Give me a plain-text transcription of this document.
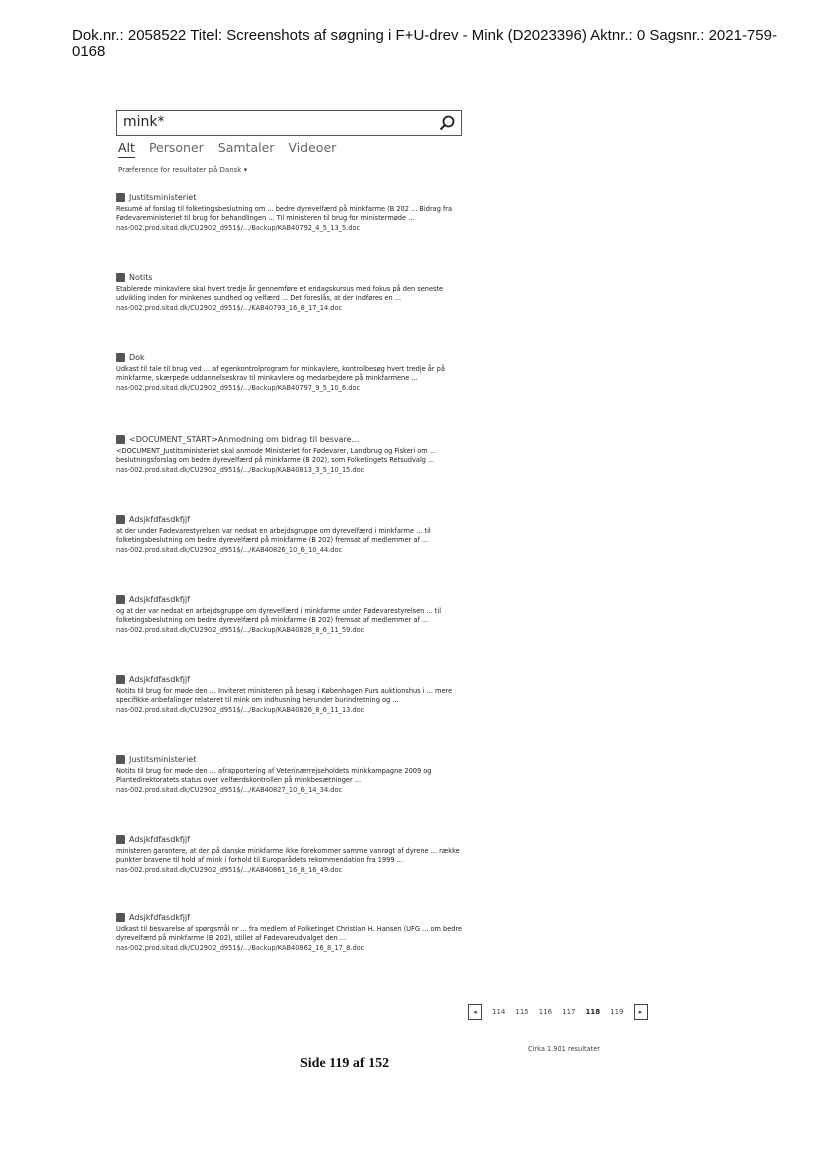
Dok.nr.: 2058522 Titel: Screenshots af søgning i F+U-drev - Mink (D2023396) Aktnr.: 0 Sagsnr.: 2021-759-0168
mink*
Alt Personer Samtaler Videoer
Præference for resultater på Dansk ▾
Justitsministeriet
Resumé af forslag til folketingsbeslutning om ... bedre dyrevelfærd på minkfarme (B 202 ... Bidrag fra Fødevareministeriet til brug for behandlingen ... Til ministeren til brug for ministermøde ...
nas-002.prod.sitad.dk/CU2902_d951$/.../Backup/KAB40792_4_5_13_5.doc
Notits
Etablerede minkavlere skal hvert tredje år gennemføre et endagskursus med fokus på den seneste udvikling inden for minkenes sundhed og velfærd ... Det foreslås, at der indføres en ...
nas-002.prod.sitad.dk/CU2902_d951$/.../KAB40793_16_8_17_14.doc
Dok
Udkast til tale til brug ved ... af egenkontrolprogram for minkavlere, kontrolbesøg hvert tredje år på minkfarme, skærpede uddannelseskrav til minkavlere og medarbejdere på minkfarmene ...
nas-002.prod.sitad.dk/CU2902_d951$/.../Backup/KAB40797_9_5_10_6.doc
<DOCUMENT_START>Anmodning om bidrag til besvare...
<DOCUMENT_Justitsministeriet skal anmode Ministeriet for Fødevarer, Landbrug og Fiskeri om ... beslutningsforslag om bedre dyrevelfærd på minkfarme (B 202), som Folketingets Retsudvalg ...
nas-002.prod.sitad.dk/CU2902_d951$/.../Backup/KAB40813_3_5_10_15.doc
Adsjkfdfasdkfjjf
at der under Fødevarestyrelsen var nedsat en arbejdsgruppe om dyrevelfærd i minkfarme ... til folketingsbeslutning om bedre dyrevelfærd på minkfarme (B 202) fremsat af medlemmer af ...
nas-002.prod.sitad.dk/CU2902_d951$/.../KAB40826_10_6_10_44.doc
Adsjkfdfasdkfjjf
og at der var nedsat en arbejdsgruppe om dyrevelfærd i minkfarme under Fødevarestyrelsen ... til folketingsbeslutning om bedre dyrevelfærd på minkfarme (B 202) fremsat af medlemmer af ...
nas-002.prod.sitad.dk/CU2902_d951$/.../Backup/KAB40828_8_6_11_59.doc
Adsjkfdfasdkfjjf
Notits til brug for møde den ... Inviteret ministeren på besøg i Københagen Furs auktionshus i ... mere specifikke anbefalinger relateret til mink om indhusning herunder burindretning og ...
nas-002.prod.sitad.dk/CU2902_d951$/.../Backup/KAB40826_8_6_11_13.doc
Justitsministeriet
Notits til brug for møde den ... afrapportering af Veterinærrejseholdets minkkampagne 2009 og Plantedirektoratets status over velfærdskontrollen på minkbesætninger ...
nas-002.prod.sitad.dk/CU2902_d951$/.../KAB40827_10_6_14_34.doc
Adsjkfdfasdkfjjf
ministeren garantere, at der på danske minkfarme ikke forekommer samme vanrøgt af dyrene ... række punkter bravene til hold af mink i forhold til Europarådets rekommendation fra 1999 ...
nas-002.prod.sitad.dk/CU2902_d951$/.../KAB40861_16_8_16_49.doc
Adsjkfdfasdkfjjf
Udkast til besvarelse af spørgsmål nr ... fra medlem af Folketinget Christian H. Hansen (UFG ... om bedre dyrevelfærd på minkfarme (B 202), stillet af Fødevareudvalget den ...
nas-002.prod.sitad.dk/CU2902_d951$/.../Backup/KAB40862_16_8_17_8.doc
◂	114 115 116 117 118 119	▸
Cirka 1.901 resultater
Side 119 af 152
